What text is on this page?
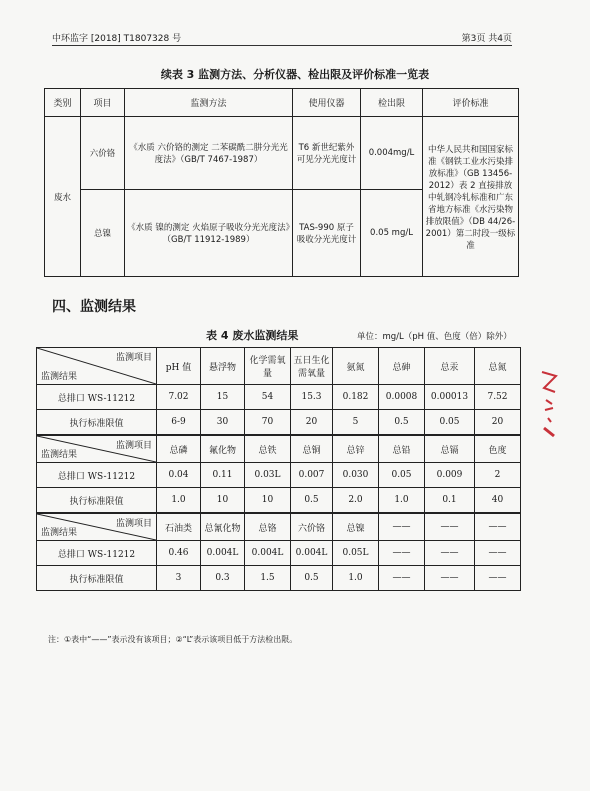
中环监字 [2018] T1807328 号	第3页 共4页
续表 3 监测方法、分析仪器、检出限及评价标准一览表
类别	项目	监测方法	使用仪器	检出限	评价标准
废水	六价铬	《水质 六价铬的测定 二苯碳酰二肼分光光度法》（GB/T 7467-1987）	T6 新世纪紫外可见分光光度计	0.004mg/L	中华人民共和国国家标准《钢铁工业水污染排放标准》（GB 13456-2012）表 2 直接排放中轧钢冷轧标准和广东省地方标准《水污染物排放限值》（DB 44/26-2001）第二时段一级标准
	总镍	《水质 镍的测定 火焰原子吸收分光光度法》（GB/T 11912-1989）	TAS-990 原子吸收分光光度计	0.05 mg/L	
四、监测结果
表 4 废水监测结果	单位：mg/L（pH 值、色度（倍）除外）
监测项目
监测结果	pH 值	悬浮物	化学需氧量	五日生化需氧量	氨氮	总砷	总汞	总氮
总排口 WS-11212	7.02	15	54	15.3	0.182	0.0008	0.00013	7.52
执行标准限值	6-9	30	70	20	5	0.5	0.05	20

监测项目
监测结果	总磷	氟化物	总铁	总铜	总锌	总铅	总镉	色度
总排口 WS-11212	0.04	0.11	0.03L	0.007	0.030	0.05	0.009	2
执行标准限值	1.0	10	10	0.5	2.0	1.0	0.1	40

监测项目
监测结果	石油类	总氰化物	总铬	六价铬	总镍	——	——	——
总排口 WS-11212	0.46	0.004L	0.004L	0.004L	0.05L	——	——	——
执行标准限值	3	0.3	1.5	0.5	1.0	——	——	——
注：①表中“——”表示没有该项目；②“L”表示该项目低于方法检出限。
